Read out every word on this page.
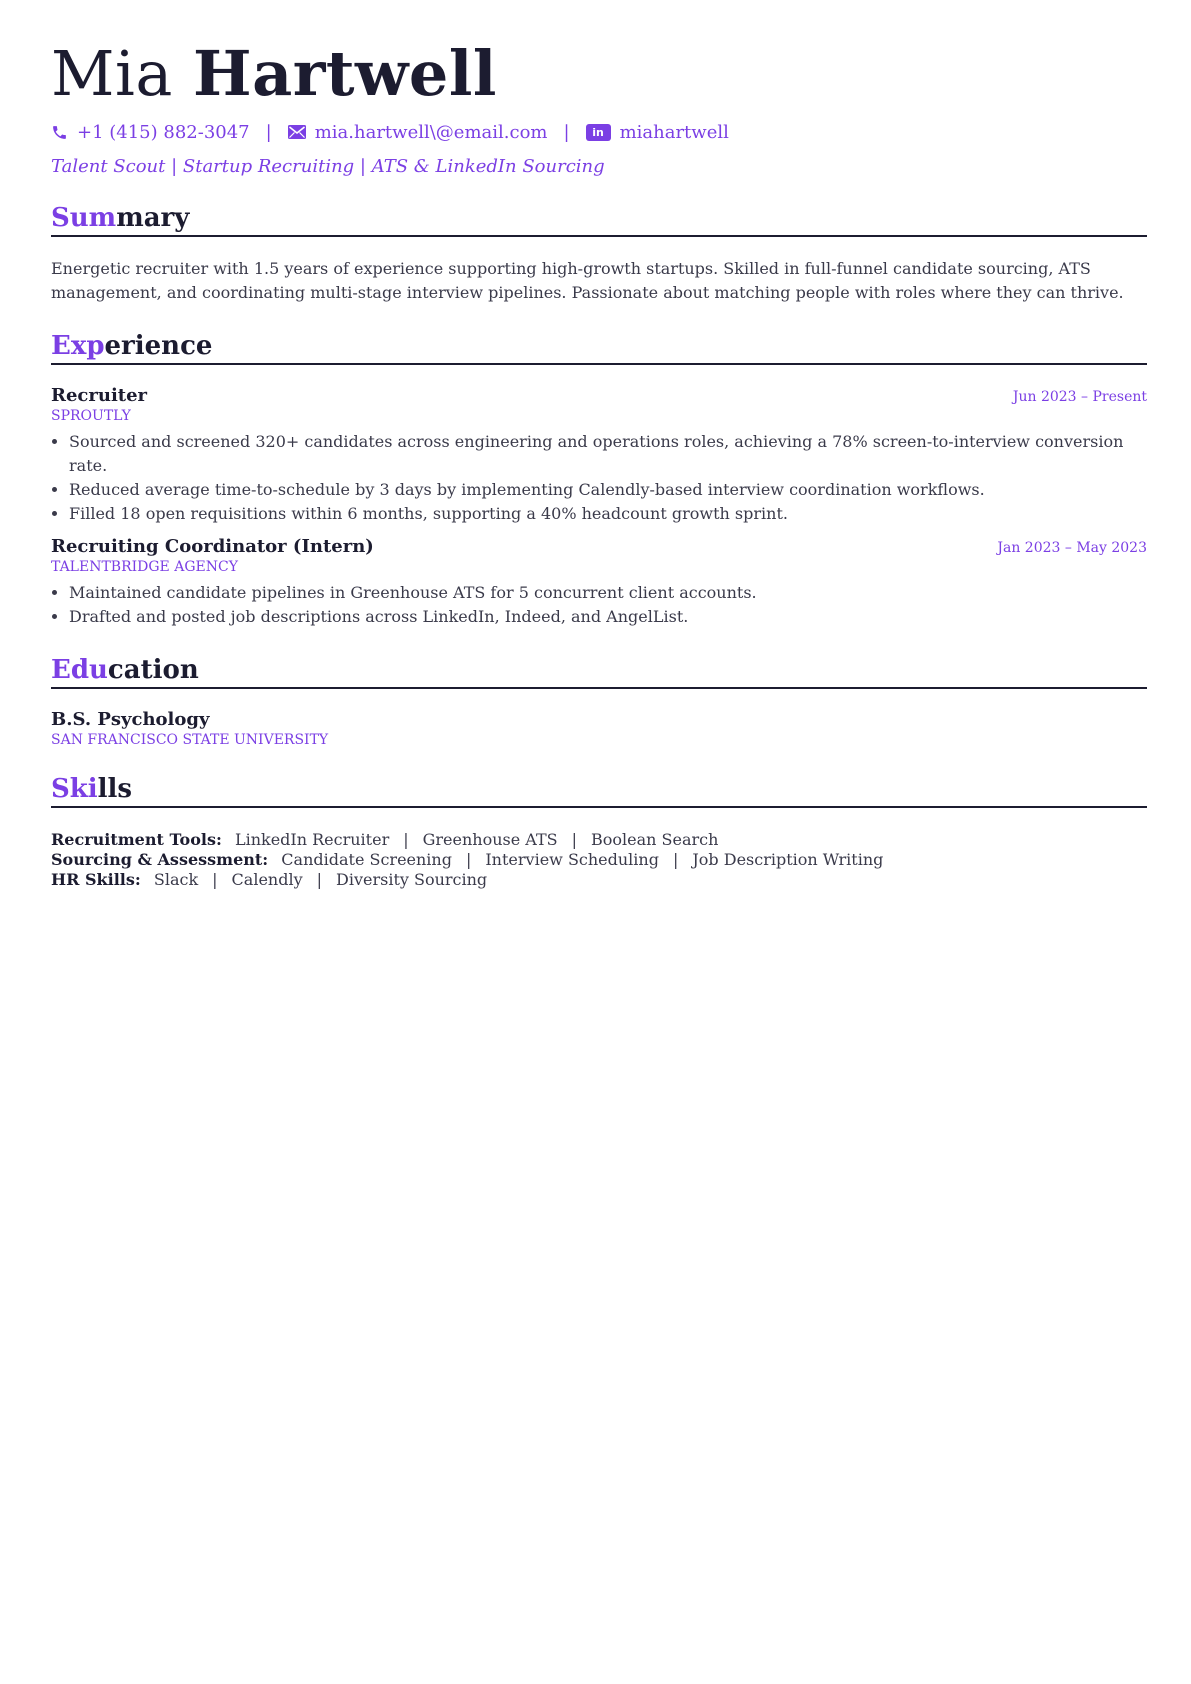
Mia Hartwell
+1 (415) 882-3047 | mia.hartwell\@email.com |	in miahartwell
Talent Scout | Startup Recruiting | ATS & LinkedIn Sourcing
Summary
Energetic recruiter with 1.5 years of experience supporting high-growth startups. Skilled in full-funnel candidate sourcing, ATS management, and coordinating multi-stage interview pipelines. Passionate about matching people with roles where they can thrive.
Experience
Recruiter	Jun 2023 – Present
SPROUTLY
• Sourced and screened 320+ candidates across engineering and operations roles, achieving a 78% screen-to-interview conversion rate.
• Reduced average time-to-schedule by 3 days by implementing Calendly-based interview coordination workflows.
• Filled 18 open requisitions within 6 months, supporting a 40% headcount growth sprint.
Recruiting Coordinator (Intern)	Jan 2023 – May 2023
TALENTBRIDGE AGENCY
• Maintained candidate pipelines in Greenhouse ATS for 5 concurrent client accounts.
• Drafted and posted job descriptions across LinkedIn, Indeed, and AngelList.
Education
B.S. Psychology
SAN FRANCISCO STATE UNIVERSITY
Skills
Recruitment Tools: LinkedIn Recruiter | Greenhouse ATS | Boolean Search
Sourcing & Assessment: Candidate Screening | Interview Scheduling | Job Description Writing
HR Skills: Slack | Calendly | Diversity Sourcing
